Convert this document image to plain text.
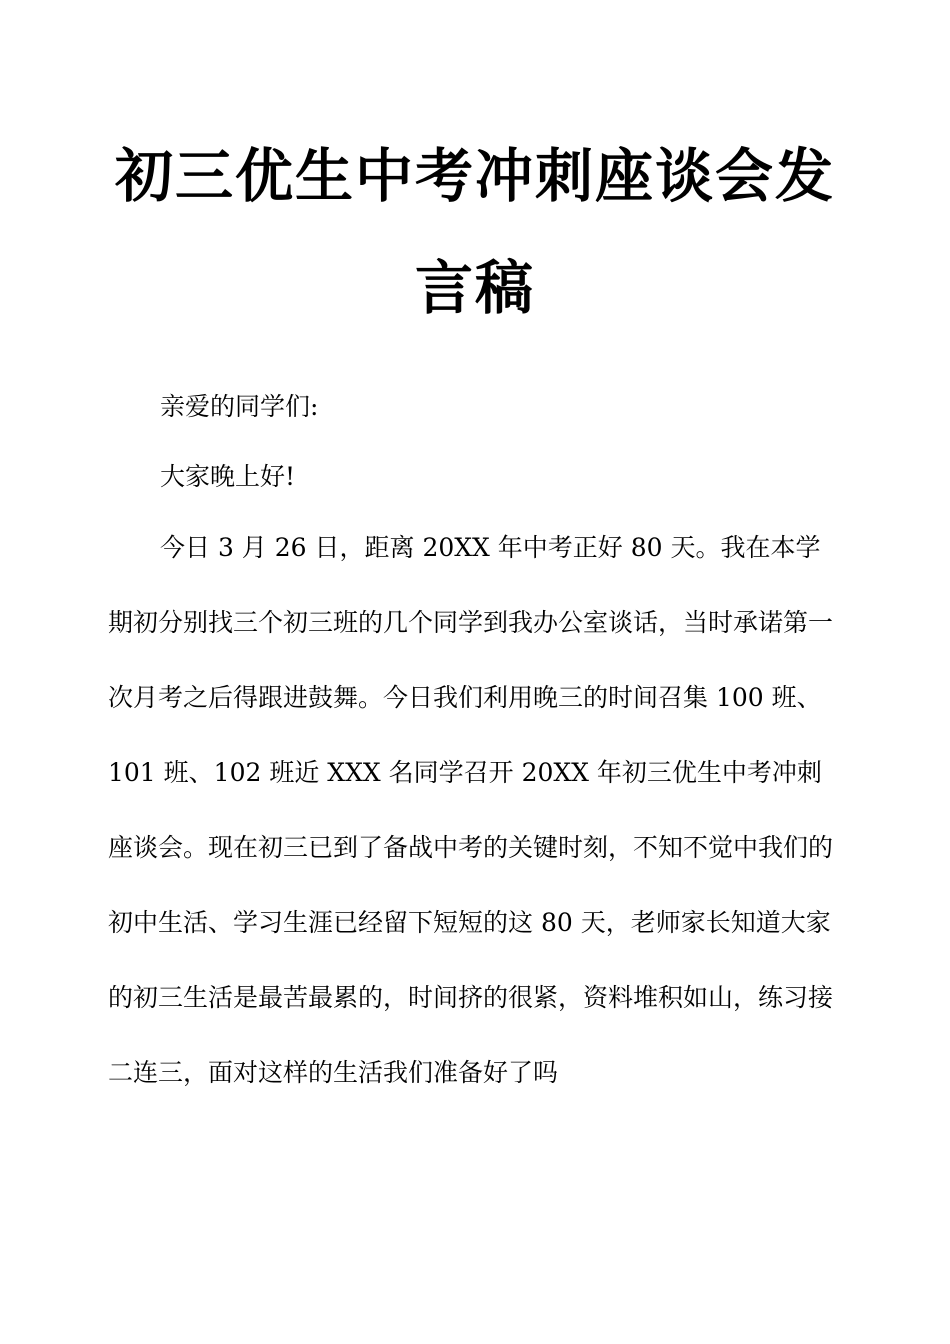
初三优生中考冲刺座谈会发言稿

亲爱的同学们:

大家晚上好!

今日 3 月 26 日，距离 20XX 年中考正好 80 天。我在本学期初分别找三个初三班的几个同学到我办公室谈话，当时承诺第一次月考之后得跟进鼓舞。今日我们利用晚三的时间召集 100 班、101 班、102 班近 XXX 名同学召开 20XX 年初三优生中考冲刺座谈会。现在初三已到了备战中考的关键时刻，不知不觉中我们的初中生活、学习生涯已经留下短短的这 80 天，老师家长知道大家的初三生活是最苦最累的，时间挤的很紧，资料堆积如山，练习接二连三，面对这样的生活我们准备好了吗
